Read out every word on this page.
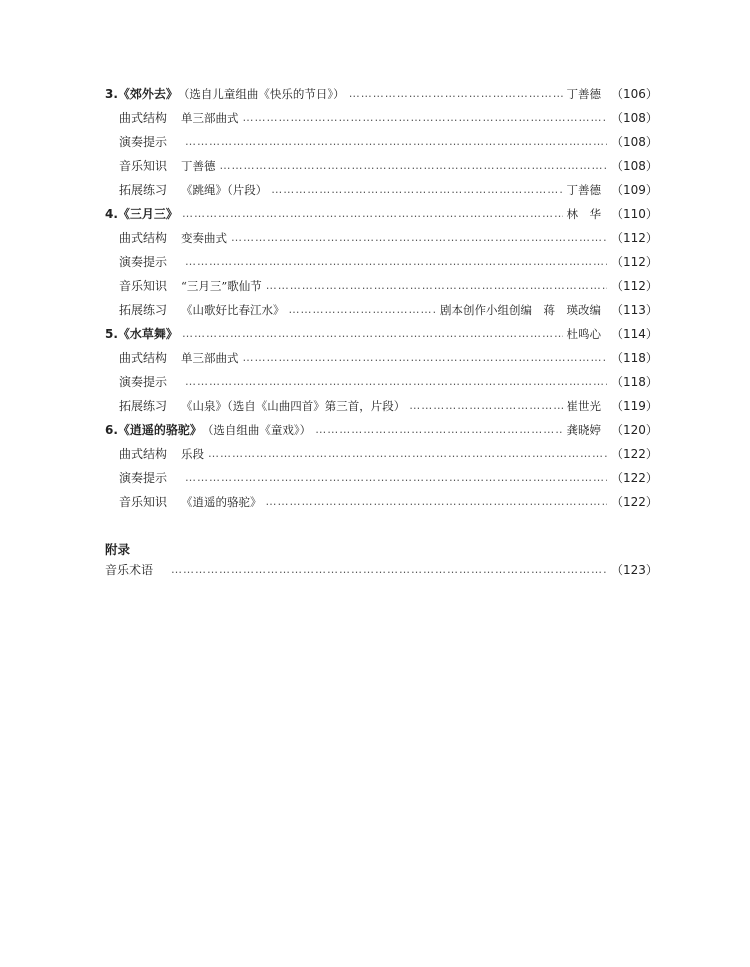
3.《郊外去》 （选自儿童组曲《快乐的节日》） …………………………………………………………………………………………………………………………………………………………………………………………………………	丁善德 （106）
曲式结构 单三部曲式 …………………………………………………………………………………………………………………………………………………………………………………………………………	（108）
演奏提示 …………………………………………………………………………………………………………………………………………………………………………………………………………	（108）
音乐知识 丁善德 …………………………………………………………………………………………………………………………………………………………………………………………………………	（108）
拓展练习 《跳绳》（片段） …………………………………………………………………………………………………………………………………………………………………………………………………………	丁善德 （109）
4.《三月三》 …………………………………………………………………………………………………………………………………………………………………………………………………………	林　华 （110）
曲式结构 变奏曲式 …………………………………………………………………………………………………………………………………………………………………………………………………………	（112）
演奏提示 …………………………………………………………………………………………………………………………………………………………………………………………………………	（112）
音乐知识 “三月三”歌仙节 …………………………………………………………………………………………………………………………………………………………………………………………………………	（112）
拓展练习 《山歌好比春江水》 …………………………………………………………………………………………………………………………………………………………………………………………………………	剧本创作小组创编　蒋　瑛改编 （113）
5.《水草舞》 …………………………………………………………………………………………………………………………………………………………………………………………………………	杜鸣心 （114）
曲式结构 单三部曲式 …………………………………………………………………………………………………………………………………………………………………………………………………………	（118）
演奏提示 …………………………………………………………………………………………………………………………………………………………………………………………………………	（118）
拓展练习 《山泉》（选自《山曲四首》第三首，片段） …………………………………………………………………………………………………………………………………………………………………………………………………………	崔世光 （119）
6.《逍遥的骆驼》 （选自组曲《童戏》） …………………………………………………………………………………………………………………………………………………………………………………………………………	龚晓婷 （120）
曲式结构 乐段 …………………………………………………………………………………………………………………………………………………………………………………………………………	（122）
演奏提示 …………………………………………………………………………………………………………………………………………………………………………………………………………	（122）
音乐知识 《逍遥的骆驼》 …………………………………………………………………………………………………………………………………………………………………………………………………………	（122）
附录
音乐术语 …………………………………………………………………………………………………………………………………………………………………………………………………………	（123）
